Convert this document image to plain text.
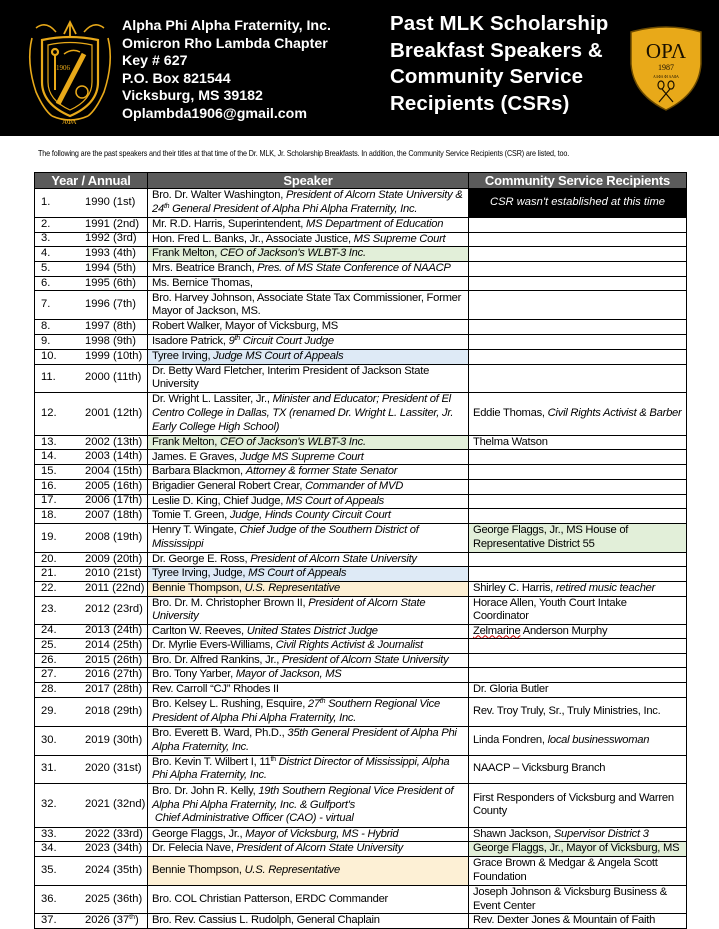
1906
ΑΦΑ
Alpha Phi Alpha Fraternity, Inc.
Omicron Rho Lambda Chapter
Key # 627
P.O. Box 821544
Vicksburg, MS 39182
Oplambda1906@gmail.com
Past MLK Scholarship
Breakfast Speakers &
Community Service
Recipients (CSRs)
ΟΡΛ
1987
ΑΛΦΑ ΦΙ ΑΛΦΑ
The following are the past speakers and their titles at that time of the Dr. MLK, Jr. Scholarship Breakfasts. In addition, the Community Service Recipients (CSR) are listed, too.
Year / Annual	Speaker	Community Service Recipients

1. 1990 (1st)	Bro. Dr. Walter Washington, President of Alcorn State University & 24th General President of Alpha Phi Alpha Fraternity, Inc.	CSR wasn't established at this time

2. 1991 (2nd)	Mr. R.D. Harris, Superintendent, MS Department of Education	

3. 1992 (3rd)	Hon. Fred L. Banks, Jr., Associate Justice, MS Supreme Court	

4. 1993 (4th)	Frank Melton, CEO of Jackson's WLBT-3 Inc.	

5. 1994 (5th)	Mrs. Beatrice Branch, Pres. of MS State Conference of NAACP	

6. 1995 (6th)	Ms. Bernice Thomas,	

7. 1996 (7th)	Bro. Harvey Johnson, Associate State Tax Commissioner, Former Mayor of Jackson, MS.	

8. 1997 (8th)	Robert Walker, Mayor of Vicksburg, MS	

9. 1998 (9th)	Isadore Patrick, 9th Circuit Court Judge	

10. 1999 (10th)	Tyree Irving, Judge MS Court of Appeals	

11. 2000 (11th)	Dr. Betty Ward Fletcher, Interim President of Jackson State University	

12. 2001 (12th)	Dr. Wright L. Lassiter, Jr., Minister and Educator; President of El Centro College in Dallas, TX (renamed Dr. Wright L. Lassiter, Jr. Early College High School)	Eddie Thomas, Civil Rights Activist & Barber

13. 2002 (13th)	Frank Melton, CEO of Jackson's WLBT-3 Inc.	Thelma Watson

14. 2003 (14th)	James. E Graves, Judge MS Supreme Court	

15. 2004 (15th)	Barbara Blackmon, Attorney & former State Senator	

16. 2005 (16th)	Brigadier General Robert Crear, Commander of MVD	

17. 2006 (17th)	Leslie D. King, Chief Judge, MS Court of Appeals	

18. 2007 (18th)	Tomie T. Green, Judge, Hinds County Circuit Court	

19. 2008 (19th)	Henry T. Wingate, Chief Judge of the Southern District of Mississippi	George Flaggs, Jr., MS House of Representative District 55

20. 2009 (20th)	Dr. George E. Ross, President of Alcorn State University	

21. 2010 (21st)	Tyree Irving, Judge, MS Court of Appeals	

22. 2011 (22nd)	Bennie Thompson, U.S. Representative	Shirley C. Harris, retired music teacher

23. 2012 (23rd)	Bro. Dr. M. Christopher Brown II, President of Alcorn State University	Horace Allen, Youth Court Intake Coordinator

24. 2013 (24th)	Carlton W. Reeves, United States District Judge	Zelmarine Anderson Murphy

25. 2014 (25th)	Dr. Myrlie Evers-Williams, Civil Rights Activist & Journalist	

26. 2015 (26th)	Bro. Dr. Alfred Rankins, Jr., President of Alcorn State University	

27. 2016 (27th)	Bro. Tony Yarber, Mayor of Jackson, MS	

28. 2017 (28th)	Rev. Carroll “CJ” Rhodes II	Dr. Gloria Butler

29. 2018 (29th)	Bro. Kelsey L. Rushing, Esquire, 27th Southern Regional Vice President of Alpha Phi Alpha Fraternity, Inc.	Rev. Troy Truly, Sr., Truly Ministries, Inc.

30. 2019 (30th)	Bro. Everett B. Ward, Ph.D., 35th General President of Alpha Phi Alpha Fraternity, Inc.	Linda Fondren, local businesswoman

31. 2020 (31st)	Bro. Kevin T. Wilbert I, 11th District Director of Mississippi, Alpha Phi Alpha Fraternity, Inc.	NAACP – Vicksburg Branch

32. 2021 (32nd)	Bro. Dr. John R. Kelly, 19th Southern Regional Vice President of Alpha Phi Alpha Fraternity, Inc. & Gulfport's
Chief Administrative Officer (CAO) - virtual	First Responders of Vicksburg and Warren County

33. 2022 (33rd)	George Flaggs, Jr., Mayor of Vicksburg, MS - Hybrid	Shawn Jackson, Supervisor District 3

34. 2023 (34th)	Dr. Felecia Nave, President of Alcorn State University	George Flaggs, Jr., Mayor of Vicksburg, MS

35. 2024 (35th)	Bennie Thompson, U.S. Representative	Grace Brown & Medgar & Angela Scott Foundation

36. 2025 (36th)	Bro. COL Christian Patterson, ERDC Commander	Joseph Johnson & Vicksburg Business & Event Center

37. 2026 (37th)	Bro. Rev. Cassius L. Rudolph, General Chaplain	Rev. Dexter Jones & Mountain of Faith
